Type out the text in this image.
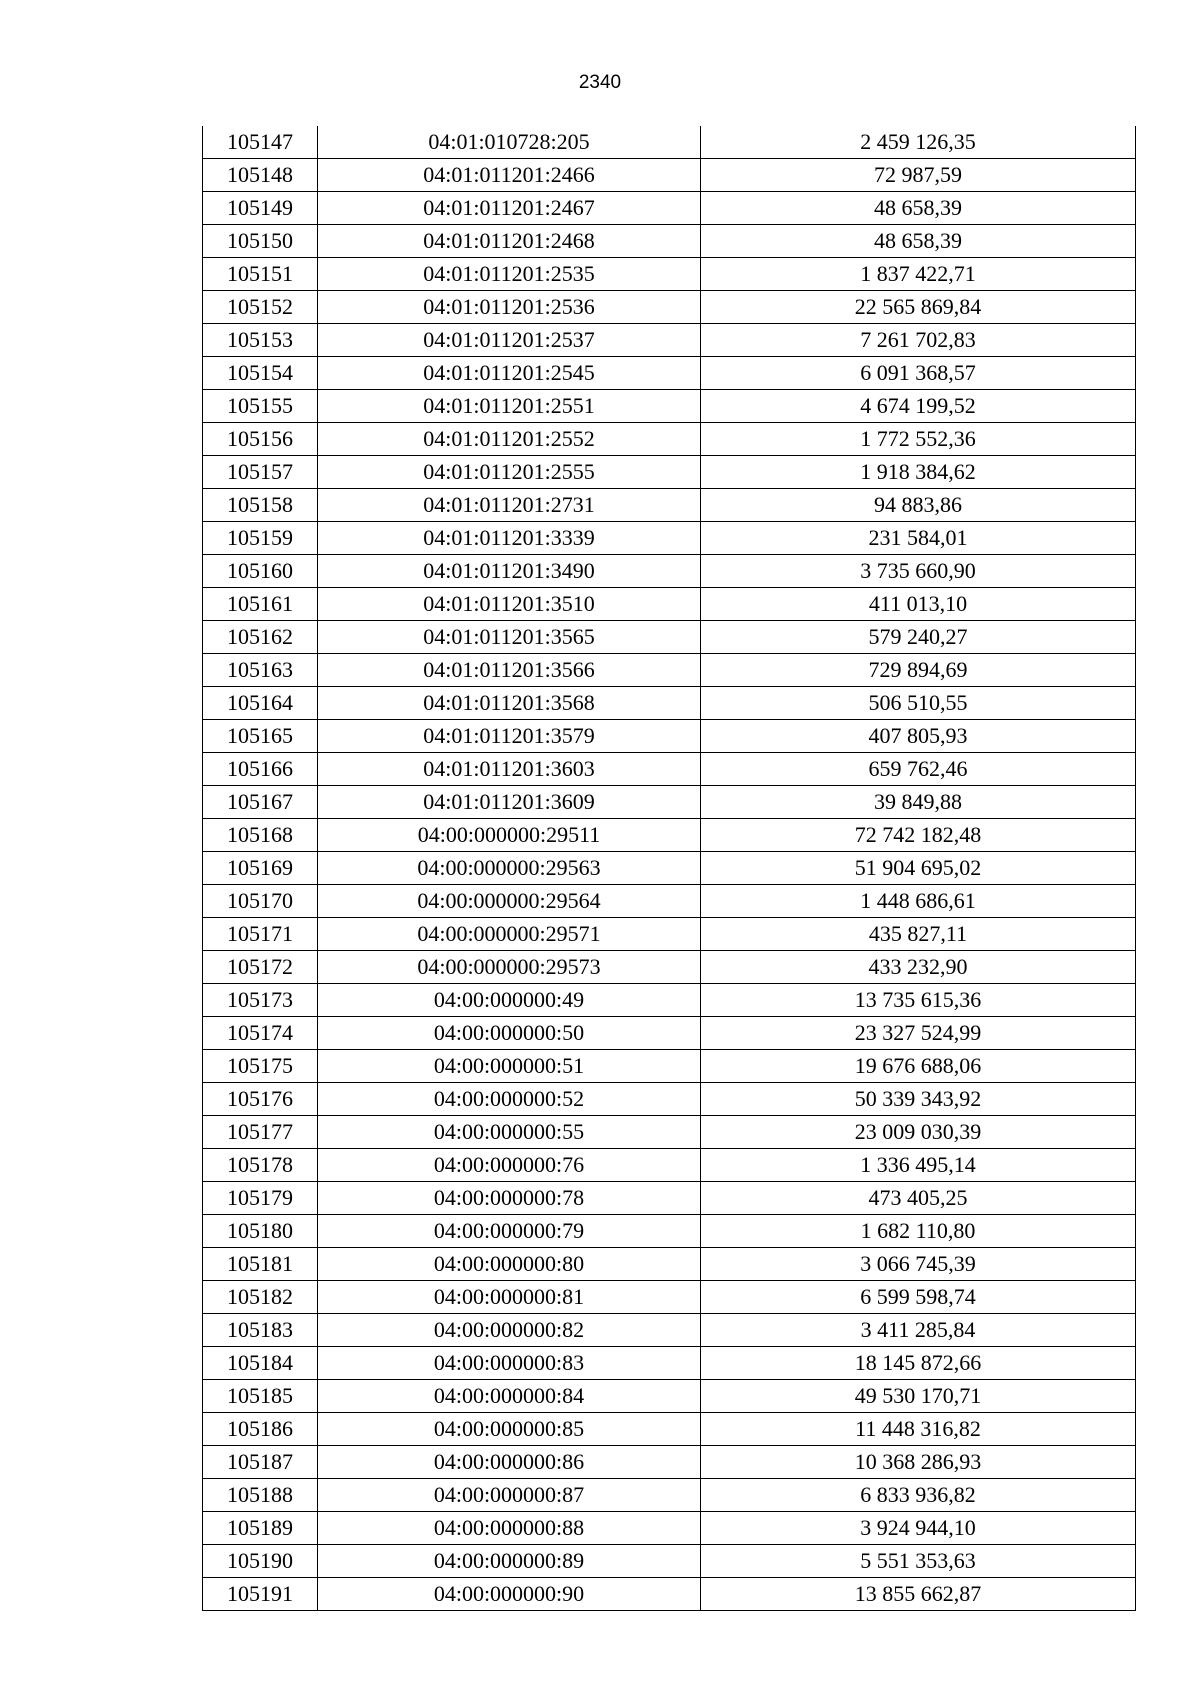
2340
105147	04:01:010728:205	2 459 126,35
105148	04:01:011201:2466	72 987,59
105149	04:01:011201:2467	48 658,39
105150	04:01:011201:2468	48 658,39
105151	04:01:011201:2535	1 837 422,71
105152	04:01:011201:2536	22 565 869,84
105153	04:01:011201:2537	7 261 702,83
105154	04:01:011201:2545	6 091 368,57
105155	04:01:011201:2551	4 674 199,52
105156	04:01:011201:2552	1 772 552,36
105157	04:01:011201:2555	1 918 384,62
105158	04:01:011201:2731	94 883,86
105159	04:01:011201:3339	231 584,01
105160	04:01:011201:3490	3 735 660,90
105161	04:01:011201:3510	411 013,10
105162	04:01:011201:3565	579 240,27
105163	04:01:011201:3566	729 894,69
105164	04:01:011201:3568	506 510,55
105165	04:01:011201:3579	407 805,93
105166	04:01:011201:3603	659 762,46
105167	04:01:011201:3609	39 849,88
105168	04:00:000000:29511	72 742 182,48
105169	04:00:000000:29563	51 904 695,02
105170	04:00:000000:29564	1 448 686,61
105171	04:00:000000:29571	435 827,11
105172	04:00:000000:29573	433 232,90
105173	04:00:000000:49	13 735 615,36
105174	04:00:000000:50	23 327 524,99
105175	04:00:000000:51	19 676 688,06
105176	04:00:000000:52	50 339 343,92
105177	04:00:000000:55	23 009 030,39
105178	04:00:000000:76	1 336 495,14
105179	04:00:000000:78	473 405,25
105180	04:00:000000:79	1 682 110,80
105181	04:00:000000:80	3 066 745,39
105182	04:00:000000:81	6 599 598,74
105183	04:00:000000:82	3 411 285,84
105184	04:00:000000:83	18 145 872,66
105185	04:00:000000:84	49 530 170,71
105186	04:00:000000:85	11 448 316,82
105187	04:00:000000:86	10 368 286,93
105188	04:00:000000:87	6 833 936,82
105189	04:00:000000:88	3 924 944,10
105190	04:00:000000:89	5 551 353,63
105191	04:00:000000:90	13 855 662,87
